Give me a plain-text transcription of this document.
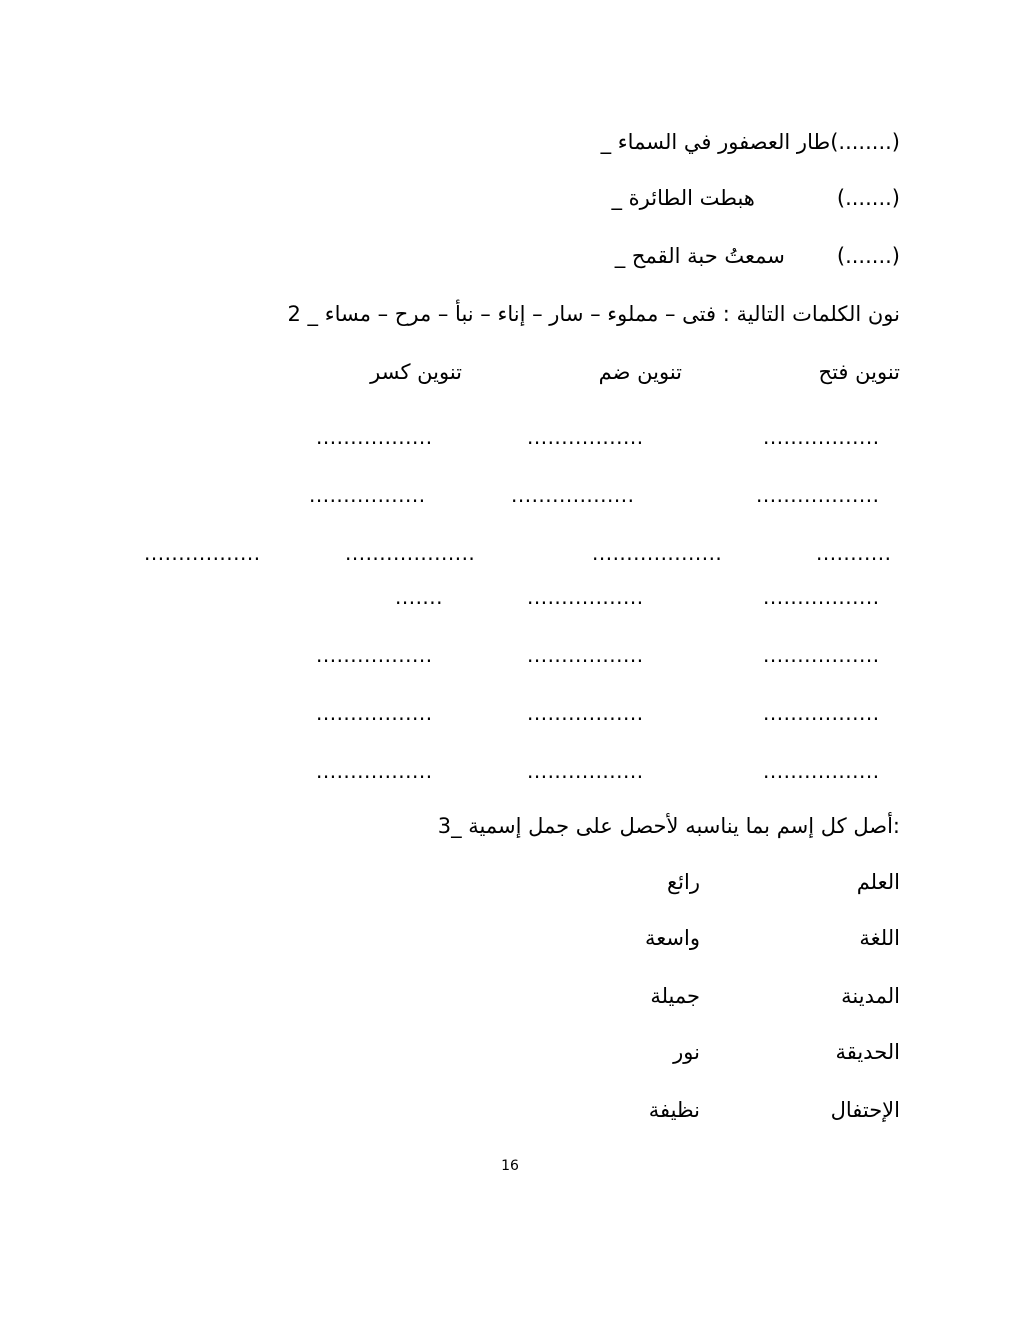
(........)طار العصفور في السماء _
(.......)هبطت الطائرة _
(.......)سمعتُ حبة القمح _
نون الكلمات التالية : فتى – مملوء – سار – إناء – نبأ – مرح – مساء _ 2
تنوين فتح
تنوين ضم
تنوين كسر
.................
.................
.................
..................
..................
.................
...........
...................
...................
.................
.................
.................
.......
.................
.................
.................
.................
.................
.................
.................
.................
.................
:أصل كل إسم بما يناسبه لأحصل على جمل إسمية _3
العلم
رائع
اللغة
واسعة
المدينة
جميلة
الحديقة
نور
الإحتفال
نظيفة
16
